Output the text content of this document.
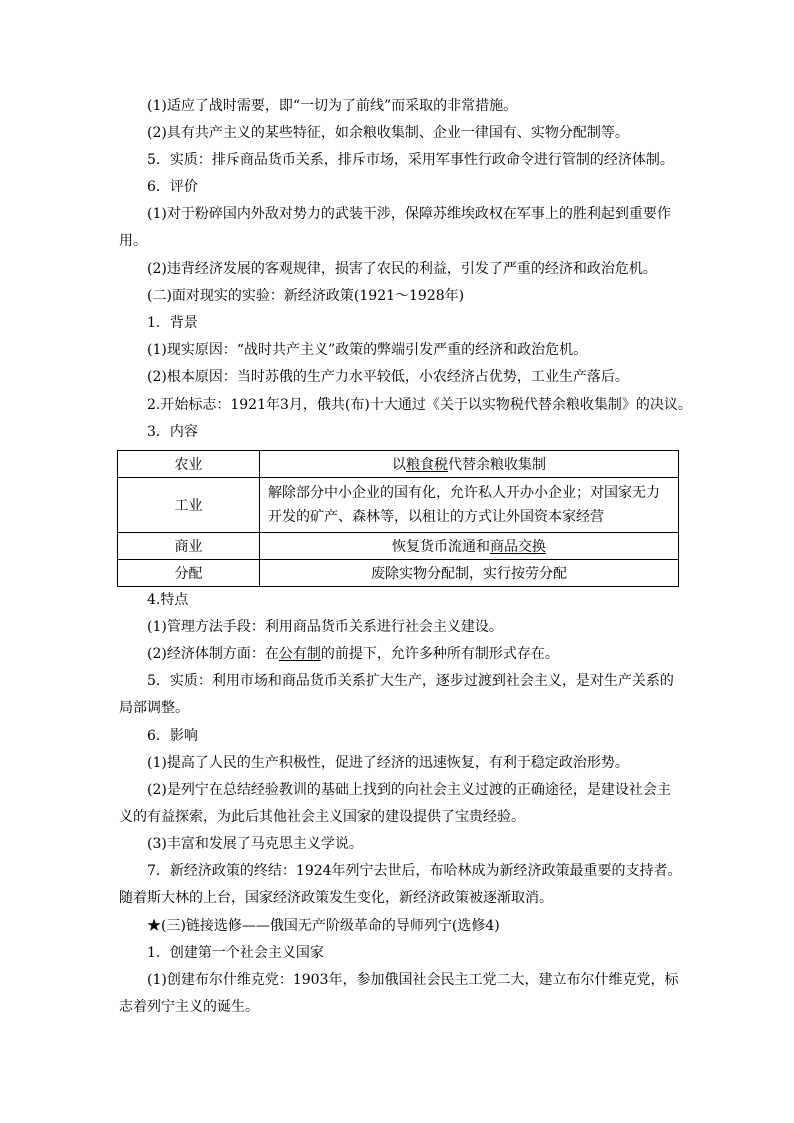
(1)适应了战时需要，即“一切为了前线”而采取的非常措施。
(2)具有共产主义的某些特征，如余粮收集制、企业一律国有、实物分配制等。
5．实质：排斥商品货币关系，排斥市场，采用军事性行政命令进行管制的经济体制。
6．评价
(1)对于粉碎国内外敌对势力的武装干涉，保障苏维埃政权在军事上的胜利起到重要作
用。
(2)违背经济发展的客观规律，损害了农民的利益，引发了严重的经济和政治危机。
(二)面对现实的实验：新经济政策(1921～1928年)
1．背景
(1)现实原因：“战时共产主义”政策的弊端引发严重的经济和政治危机。
(2)根本原因：当时苏俄的生产力水平较低，小农经济占优势，工业生产落后。
2.开始标志：1921年3月，俄共(布)十大通过《关于以实物税代替余粮收集制》的决议。
3．内容
农业	以粮食税代替余粮收集制
工业	解除部分中小企业的国有化，允许私人开办小企业；对国家无力开发的矿产、森林等，以租让的方式让外国资本家经营
商业	恢复货币流通和商品交换
分配	废除实物分配制，实行按劳分配
4.特点
(1)管理方法手段：利用商品货币关系进行社会主义建设。
(2)经济体制方面：在公有制的前提下，允许多种所有制形式存在。
5．实质：利用市场和商品货币关系扩大生产，逐步过渡到社会主义，是对生产关系的
局部调整。
6．影响
(1)提高了人民的生产积极性，促进了经济的迅速恢复，有利于稳定政治形势。
(2)是列宁在总结经验教训的基础上找到的向社会主义过渡的正确途径，是建设社会主
义的有益探索，为此后其他社会主义国家的建设提供了宝贵经验。
(3)丰富和发展了马克思主义学说。
7．新经济政策的终结：1924年列宁去世后，布哈林成为新经济政策最重要的支持者。
随着斯大林的上台，国家经济政策发生变化，新经济政策被逐渐取消。
★(三)链接选修——俄国无产阶级革命的导师列宁(选修4)
1．创建第一个社会主义国家
(1)创建布尔什维克党：1903年，参加俄国社会民主工党二大，建立布尔什维克党，标
志着列宁主义的诞生。
